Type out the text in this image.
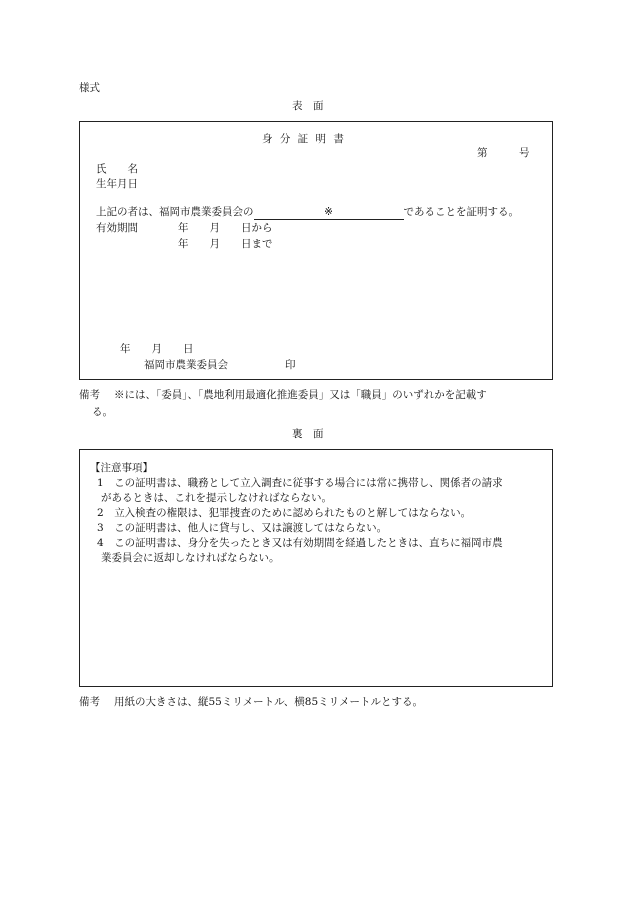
様式
表　面
身 分 証 明 書
第　　　号
氏　　名
生年月日
上記の者は、福岡市農業委員会の	※	であることを証明する。
有効期間	年　　月　　日から
年　　月　　日まで
年　　月　　日
福岡市農業委員会	印
備考 ※には、「委員」、「農地利用最適化推進委員」又は「職員」のいずれかを記載す
る。
裏　面
【注意事項】
1　 この証明書は、職務として立入調査に従事する場合には常に携帯し、関係者の請求
があるときは、これを提示しなければならない。
2　 立入検査の権限は、犯罪捜査のために認められたものと解してはならない。
3　 この証明書は、他人に貸与し、又は譲渡してはならない。
4　 この証明書は、身分を失ったとき又は有効期間を経過したときは、直ちに福岡市農
業委員会に返却しなければならない。
備考 用紙の大きさは、縦55ミリメートル、横85ミリメートルとする。
